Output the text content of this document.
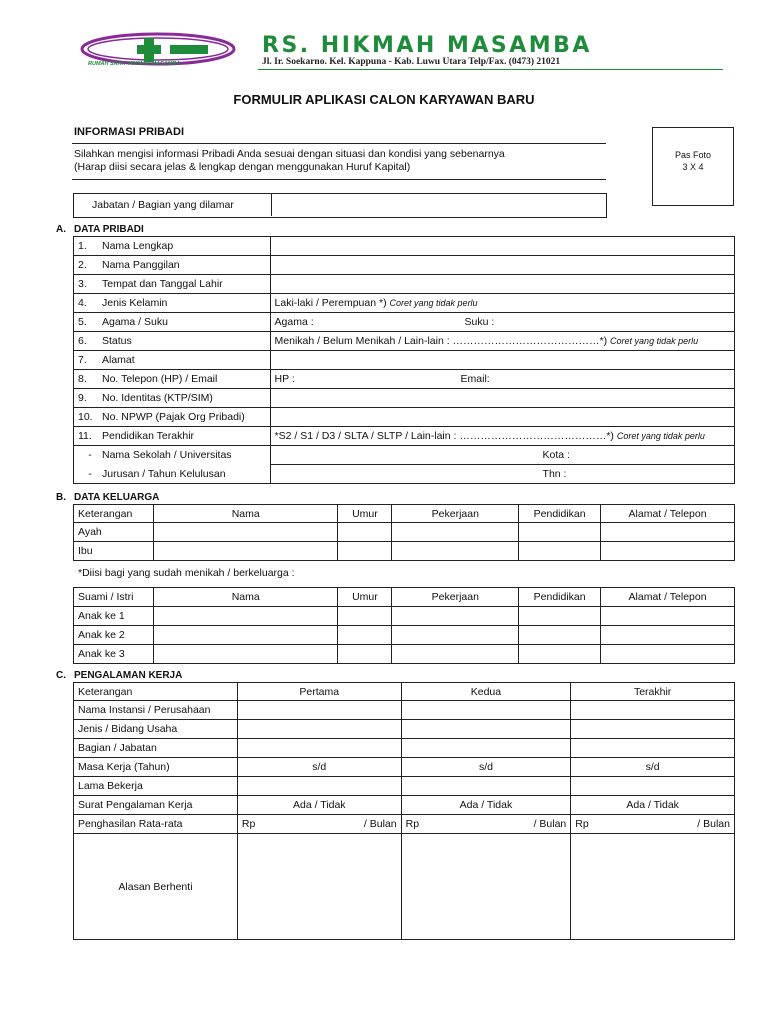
RUMAH SAKIT HIKMAH MASAMBA
RS. HIKMAH MASAMBA
Jl. Ir. Soekarno. Kel. Kappuna - Kab. Luwu Utara Telp/Fax. (0473) 21021
FORMULIR APLIKASI CALON KARYAWAN BARU
INFORMASI PRIBADI
Silahkan mengisi informasi Pribadi Anda sesuai dengan situasi dan kondisi yang sebenarnya
(Harap diisi secara jelas & lengkap dengan menggunakan Huruf Kapital)
Pas Foto
3 X 4
Jabatan / Bagian yang dilamar
A. DATA PRIBADI
1. Nama Lengkap	
2. Nama Panggilan	
3. Tempat dan Tanggal Lahir	
4. Jenis Kelamin	Laki-laki / Perempuan *) Coret yang tidak perlu
5. Agama / Suku	Agama : Suku :
6. Status	Menikah / Belum Menikah / Lain-lain : ……………………………………*) Coret yang tidak perlu
7. Alamat	
8. No. Telepon (HP) / Email	HP : Email:
9. No. Identitas (KTP/SIM)	
10. No. NPWP (Pajak Org Pribadi)	
11. Pendidikan Terakhir	*S2 / S1 / D3 / SLTA / SLTP / Lain-lain : ……………………………………*) Coret yang tidak perlu
- Nama Sekolah / Universitas	Kota :
- Jurusan / Tahun Kelulusan	Thn :
B. DATA KELUARGA
Keterangan	Nama	Umur	Pekerjaan	Pendidikan	Alamat / Telepon
Ayah					
Ibu					
*Diisi bagi yang sudah menikah / berkeluarga :
Suami / Istri	Nama	Umur	Pekerjaan	Pendidikan	Alamat / Telepon
Anak ke 1					
Anak ke 2					
Anak ke 3					
C. PENGALAMAN KERJA
Keterangan	Pertama	Kedua	Terakhir
Nama Instansi / Perusahaan			
Jenis / Bidang Usaha			
Bagian / Jabatan			
Masa Kerja (Tahun)	s/d	s/d	s/d
Lama Bekerja			
Surat Pengalaman Kerja	Ada / Tidak	Ada / Tidak	Ada / Tidak
Penghasilan Rata-rata	Rp / Bulan	Rp / Bulan	Rp / Bulan

Alasan Berhenti			
